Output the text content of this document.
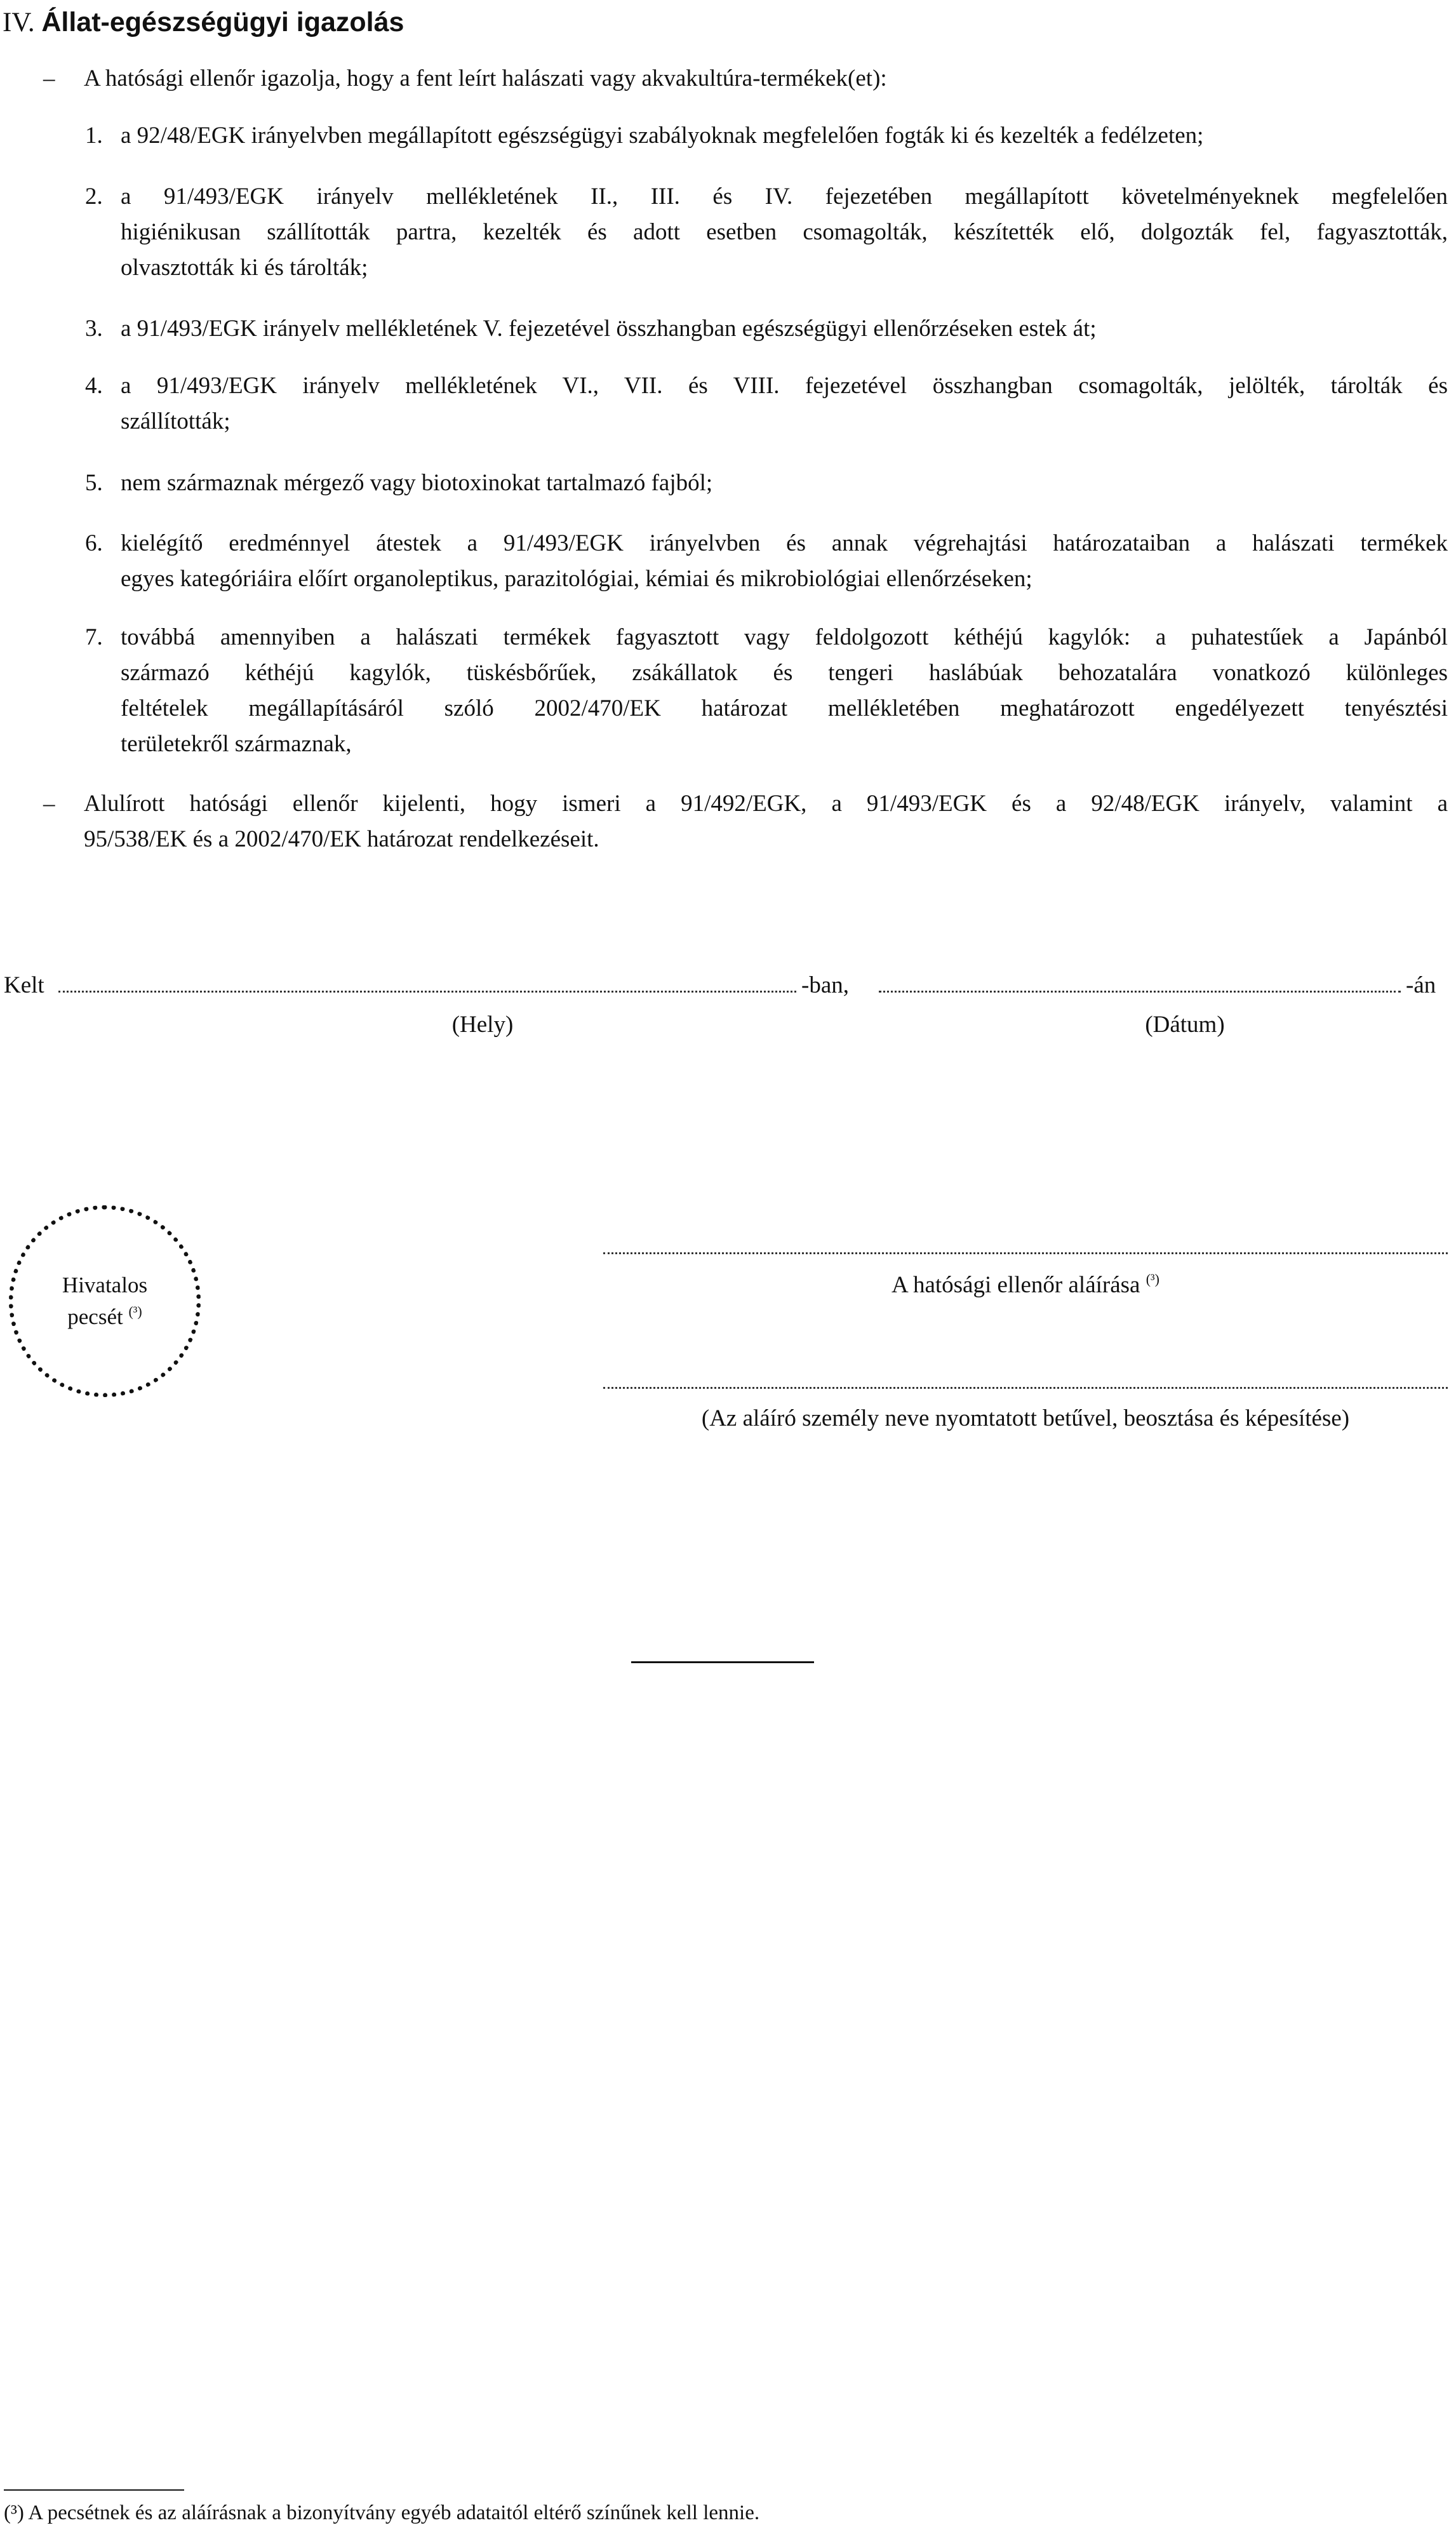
IV. Állat-egészségügyi igazolás
– A hatósági ellenőr igazolja, hogy a fent leírt halászati vagy akvakultúra-termékek(et):
1. a 92/48/EGK irányelvben megállapított egészségügyi szabályoknak megfelelően fogták ki és kezelték a fedélzeten;
2. a 91/493/EGK irányelv mellékletének II., III. és IV. fejezetében megállapított követelményeknek megfelelően
higiénikusan szállították partra, kezelték és adott esetben csomagolták, készítették elő, dolgozták fel, fagyasztották,
olvasztották ki és tárolták;
3. a 91/493/EGK irányelv mellékletének V. fejezetével összhangban egészségügyi ellenőrzéseken estek át;
4. a 91/493/EGK irányelv mellékletének VI., VII. és VIII. fejezetével összhangban csomagolták, jelölték, tárolták és
szállították;
5. nem származnak mérgező vagy biotoxinokat tartalmazó fajból;
6. kielégítő eredménnyel átestek a 91/493/EGK irányelvben és annak végrehajtási határozataiban a halászati termékek
egyes kategóriáira előírt organoleptikus, parazitológiai, kémiai és mikrobiológiai ellenőrzéseken;
7. továbbá amennyiben a halászati termékek fagyasztott vagy feldolgozott kéthéjú kagylók: a puhatestűek a Japánból
származó kéthéjú kagylók, tüskésbőrűek, zsákállatok és tengeri haslábúak behozatalára vonatkozó különleges
feltételek megállapításáról szóló 2002/470/EK határozat mellékletében meghatározott engedélyezett tenyésztési
területekről származnak,
– Alulírott hatósági ellenőr kijelenti, hogy ismeri a 91/492/EGK, a 91/493/EGK és a 92/48/EGK irányelv, valamint a
95/538/EK és a 2002/470/EK határozat rendelkezéseit.
Kelt	-ban,	-án
(Hely)	(Dátum)
Hivatalos
pecsét $^{(^3)}$
A hatósági ellenőr aláírása $^{(^3)}$
(Az aláíró személy neve nyomtatott betűvel, beosztása és képesítése)
(³) A pecsétnek és az aláírásnak a bizonyítvány egyéb adataitól eltérő színűnek kell lennie.
